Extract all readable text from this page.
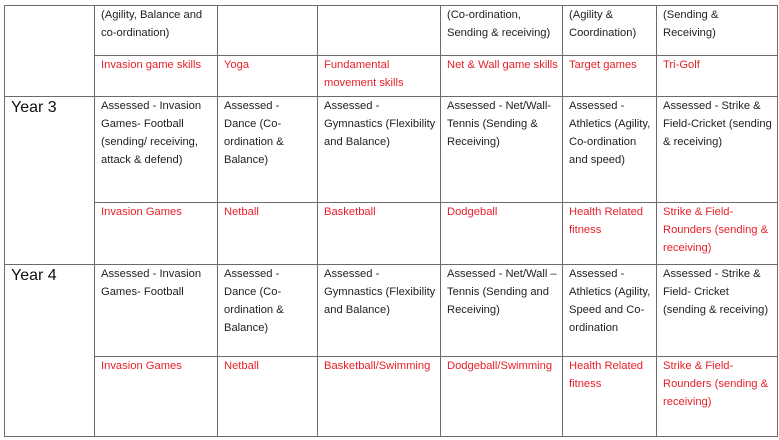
	(Agility, Balance and co-ordination)			(Co-ordination, Sending & receiving)	(Agility & Coordination)	(Sending & Receiving)
	Invasion game skills	Yoga	Fundamental movement skills	Net & Wall game skills	Target games	Tri-Golf
Year 3	Assessed - Invasion Games- Football (sending/ receiving, attack & defend)	Assessed - Dance (Co-ordination & Balance)	Assessed - Gymnastics (Flexibility and Balance)	Assessed - Net/Wall- Tennis (Sending & Receiving)	Assessed - Athletics (Agility, Co-ordination and speed)	Assessed - Strike & Field-Cricket (sending & receiving)
	Invasion Games	Netball	Basketball	Dodgeball	Health Related fitness	Strike & Field- Rounders (sending & receiving)
Year 4	Assessed - Invasion Games- Football	Assessed - Dance (Co-ordination & Balance)	Assessed - Gymnastics (Flexibility and Balance)	Assessed - Net/Wall – Tennis (Sending and Receiving)	Assessed - Athletics (Agility, Speed and Co-ordination	Assessed - Strike & Field- Cricket (sending & receiving)
	Invasion Games	Netball	Basketball/Swimming	Dodgeball/Swimming	Health Related fitness	Strike & Field- Rounders (sending & receiving)
